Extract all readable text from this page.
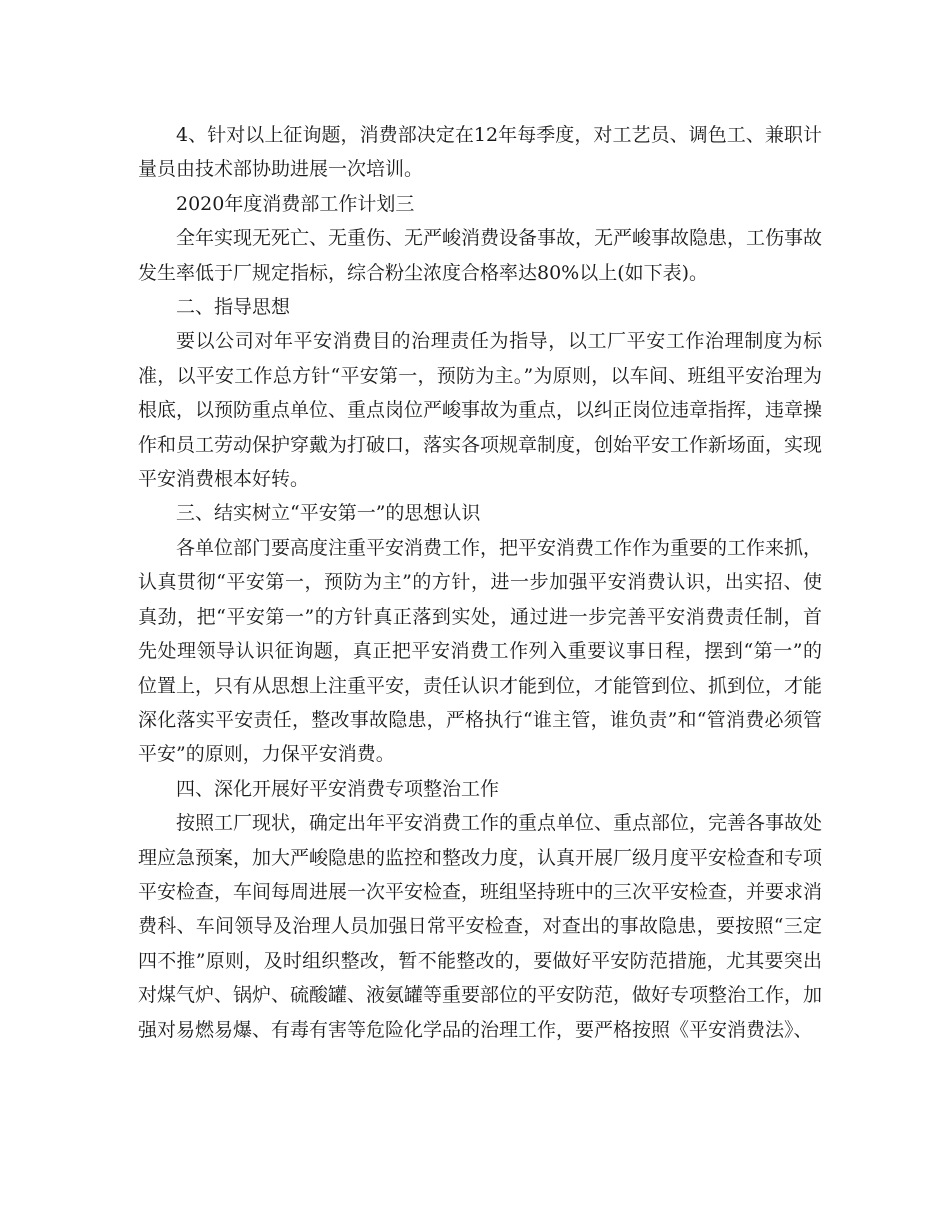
4、针对以上征询题，消费部决定在12年每季度，对工艺员、调色工、兼职计量员由技术部协助进展一次培训。

2020年度消费部工作计划三

全年实现无死亡、无重伤、无严峻消费设备事故，无严峻事故隐患，工伤事故发生率低于厂规定指标，综合粉尘浓度合格率达80%以上(如下表)。

二、指导思想

要以公司对年平安消费目的治理责任为指导，以工厂平安工作治理制度为标准，以平安工作总方针“平安第一，预防为主。”为原则，以车间、班组平安治理为根底，以预防重点单位、重点岗位严峻事故为重点，以纠正岗位违章指挥，违章操作和员工劳动保护穿戴为打破口，落实各项规章制度，创始平安工作新场面，实现平安消费根本好转。

三、结实树立“平安第一”的思想认识

各单位部门要高度注重平安消费工作，把平安消费工作作为重要的工作来抓，认真贯彻“平安第一，预防为主”的方针，进一步加强平安消费认识，出实招、使真劲，把“平安第一”的方针真正落到实处，通过进一步完善平安消费责任制，首先处理领导认识征询题，真正把平安消费工作列入重要议事日程，摆到“第一”的位置上，只有从思想上注重平安，责任认识才能到位，才能管到位、抓到位，才能深化落实平安责任，整改事故隐患，严格执行“谁主管，谁负责”和“管消费必须管平安”的原则，力保平安消费。

四、深化开展好平安消费专项整治工作

按照工厂现状，确定出年平安消费工作的重点单位、重点部位，完善各事故处理应急预案，加大严峻隐患的监控和整改力度，认真开展厂级月度平安检查和专项平安检查，车间每周进展一次平安检查，班组坚持班中的三次平安检查，并要求消费科、车间领导及治理人员加强日常平安检查，对查出的事故隐患，要按照“三定四不推”原则，及时组织整改，暂不能整改的，要做好平安防范措施，尤其要突出对煤气炉、锅炉、硫酸罐、液氨罐等重要部位的平安防范，做好专项整治工作，加强对易燃易爆、有毒有害等危险化学品的治理工作，要严格按照《平安消费法》、
